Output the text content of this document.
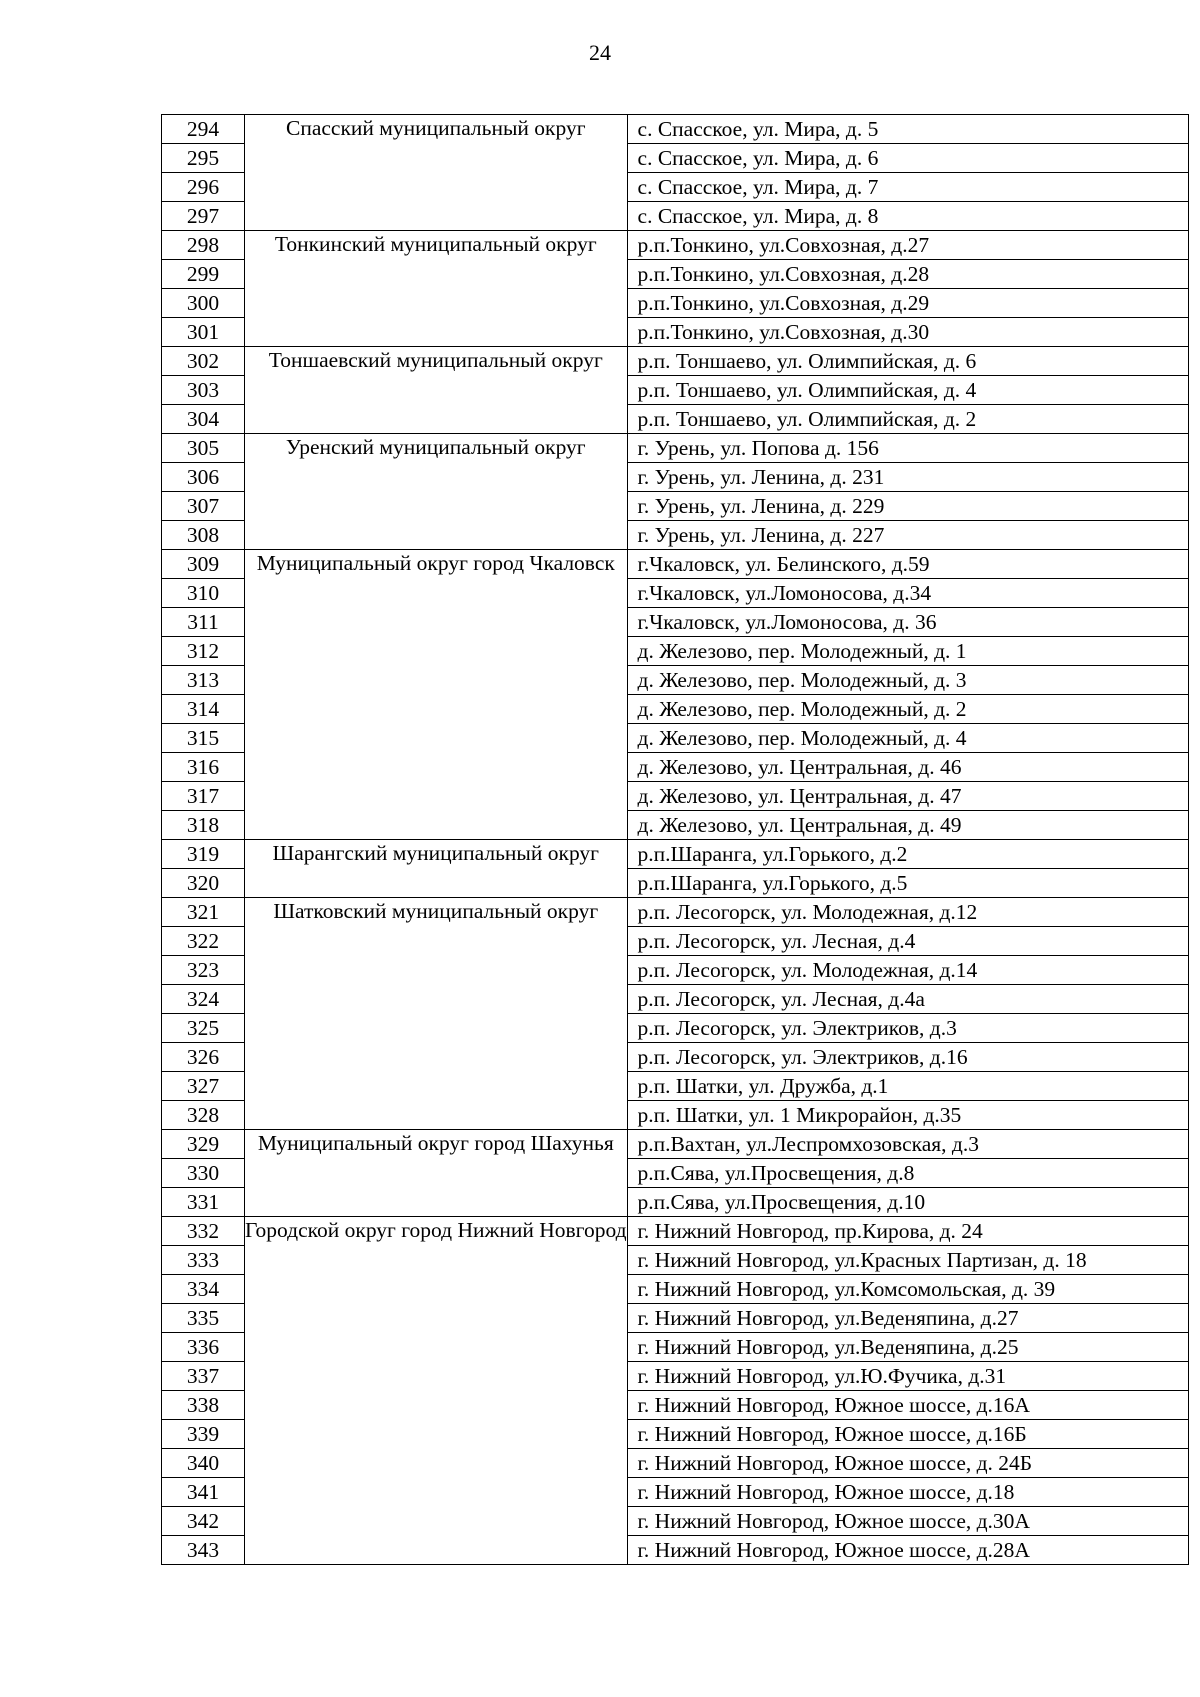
24
294	Спасский муниципальный округ	с. Спасское, ул. Мира, д. 5
295		с. Спасское, ул. Мира, д. 6
296		с. Спасское, ул. Мира, д. 7
297		с. Спасское, ул. Мира, д. 8
298	Тонкинский муниципальный округ	р.п.Тонкино, ул.Совхозная, д.27
299		р.п.Тонкино, ул.Совхозная, д.28
300		р.п.Тонкино, ул.Совхозная, д.29
301		р.п.Тонкино, ул.Совхозная, д.30
302	Тоншаевский муниципальный округ	р.п. Тоншаево, ул. Олимпийская, д. 6
303		р.п. Тоншаево, ул. Олимпийская, д. 4
304		р.п. Тоншаево, ул. Олимпийская, д. 2
305	Уренский муниципальный округ	г. Урень, ул. Попова д. 156
306		г. Урень, ул. Ленина, д. 231
307		г. Урень, ул. Ленина, д. 229
308		г. Урень, ул. Ленина, д. 227
309	Муниципальный округ город Чкаловск	г.Чкаловск, ул. Белинского, д.59
310		г.Чкаловск, ул.Ломоносова, д.34
311		г.Чкаловск, ул.Ломоносова, д. 36
312		д. Железово, пер. Молодежный, д. 1
313		д. Железово, пер. Молодежный, д. 3
314		д. Железово, пер. Молодежный, д. 2
315		д. Железово, пер. Молодежный, д. 4
316		д. Железово, ул. Центральная, д. 46
317		д. Железово, ул. Центральная, д. 47
318		д. Железово, ул. Центральная, д. 49
319	Шарангский муниципальный округ	р.п.Шаранга, ул.Горького, д.2
320		р.п.Шаранга, ул.Горького, д.5
321	Шатковский муниципальный округ	р.п. Лесогорск, ул. Молодежная, д.12
322		р.п. Лесогорск, ул. Лесная, д.4
323		р.п. Лесогорск, ул. Молодежная, д.14
324		р.п. Лесогорск, ул. Лесная, д.4а
325		р.п. Лесогорск, ул. Электриков, д.3
326		р.п. Лесогорск, ул. Электриков, д.16
327		р.п. Шатки, ул. Дружба, д.1
328		р.п. Шатки, ул. 1 Микрорайон, д.35
329	Муниципальный округ город Шахунья	р.п.Вахтан, ул.Леспромхозовская, д.3
330		р.п.Сява, ул.Просвещения, д.8
331		р.п.Сява, ул.Просвещения, д.10
332	Городской округ город Нижний Новгород	г. Нижний Новгород, пр.Кирова, д. 24
333		г. Нижний Новгород, ул.Красных Партизан, д. 18
334		г. Нижний Новгород, ул.Комсомольская, д. 39
335		г. Нижний Новгород, ул.Веденяпина, д.27
336		г. Нижний Новгород, ул.Веденяпина, д.25
337		г. Нижний Новгород, ул.Ю.Фучика, д.31
338		г. Нижний Новгород, Южное шоссе, д.16А
339		г. Нижний Новгород, Южное шоссе, д.16Б
340		г. Нижний Новгород, Южное шоссе, д. 24Б
341		г. Нижний Новгород, Южное шоссе, д.18
342		г. Нижний Новгород, Южное шоссе, д.30А
343		г. Нижний Новгород, Южное шоссе, д.28А
